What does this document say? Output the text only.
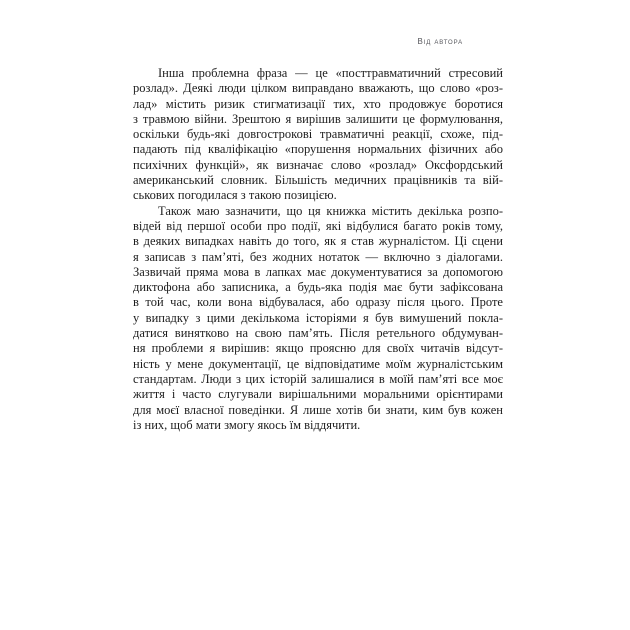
Від автора
Інша проблемна фраза — це «посттравматичний стресовий
розлад». Деякі люди цілком виправдано вважають, що слово «роз-
лад» містить ризик стигматизації тих, хто продовжує боротися
з травмою війни. Зрештою я вирішив залишити це формулювання,
оскільки будь-які довгострокові травматичні реакції, схоже, під-
падають під кваліфікацію «порушення нормальних фізичних або
психічних функцій», як визначає слово «розлад» Оксфордський
американський словник. Більшість медичних працівників та вій-
ськових погодилася з такою позицією.
Також маю зазначити, що ця книжка містить декілька розпо-
відей від першої особи про події, які відбулися багато років тому,
в деяких випадках навіть до того, як я став журналістом. Ці сцени
я записав з пам’яті, без жодних нотаток — включно з діалогами.
Зазвичай пряма мова в лапках має документуватися за допомогою
диктофона або записника, а будь-яка подія має бути зафіксована
в той час, коли вона відбувалася, або одразу після цього. Проте
у випадку з цими декількома історіями я був вимушений покла-
датися винятково на свою пам’ять. Після ретельного обдумуван-
ня проблеми я вирішив: якщо проясню для своїх читачів відсут-
ність у мене документації, це відповідатиме моїм журналістським
стандартам. Люди з цих історій залишалися в моїй пам’яті все моє
життя і часто слугували вирішальними моральними орієнтирами
для моєї власної поведінки. Я лише хотів би знати, ким був кожен
із них, щоб мати змогу якось їм віддячити.
